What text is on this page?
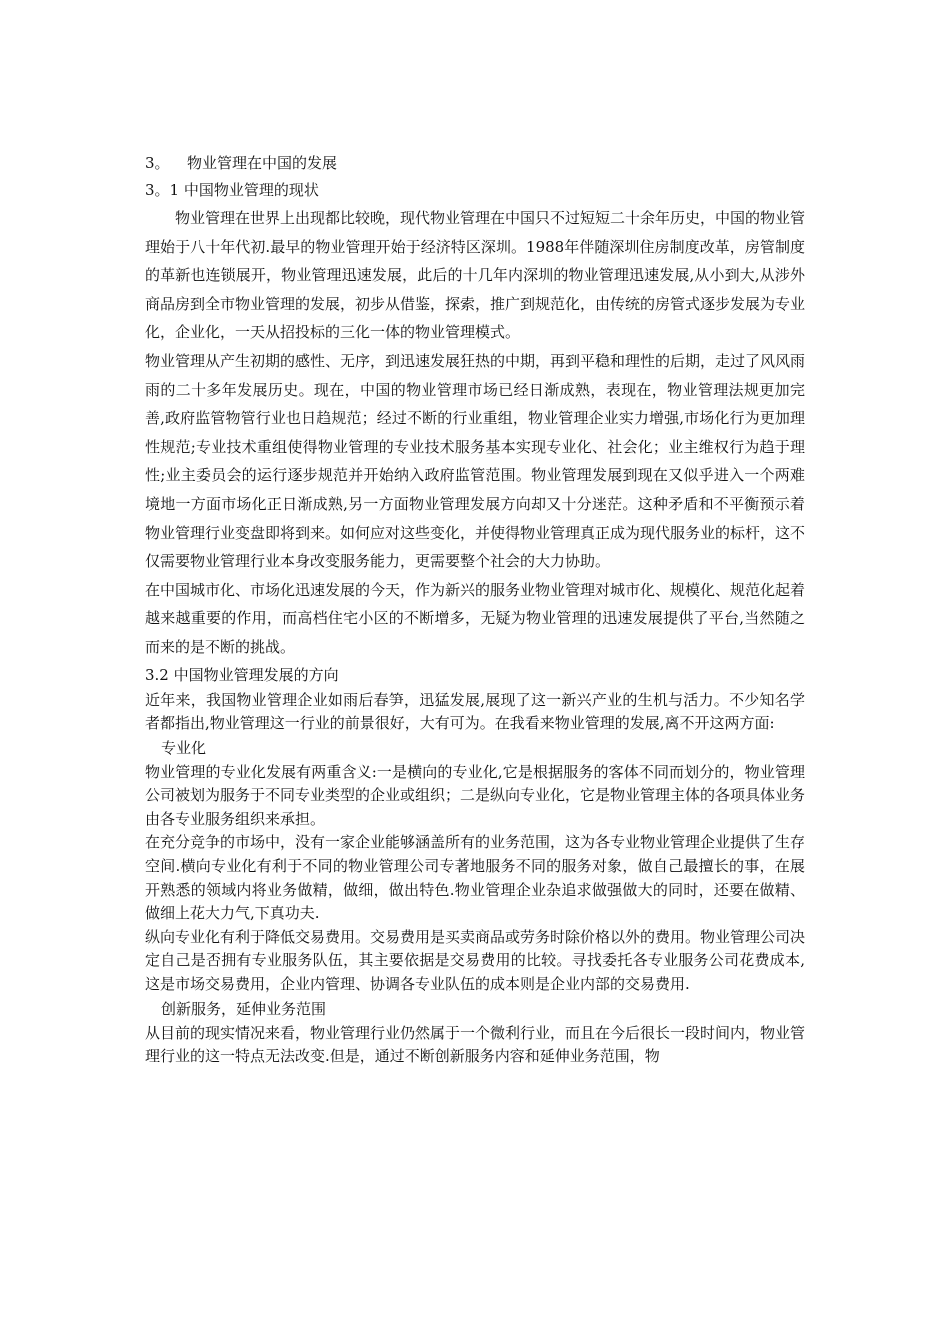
3。 物业管理在中国的发展
3。1 中国物业管理的现状

物业管理在世界上出现都比较晚，现代物业管理在中国只不过短短二十余年历史，中国的物业管理始于八十年代初.最早的物业管理开始于经济特区深圳。1988年伴随深圳住房制度改革，房管制度的革新也连锁展开，物业管理迅速发展，此后的十几年内深圳的物业管理迅速发展,从小到大,从涉外商品房到全市物业管理的发展，初步从借鉴，探索，推广到规范化，由传统的房管式逐步发展为专业化，企业化，一天从招投标的三化一体的物业管理模式。

物业管理从产生初期的感性、无序，到迅速发展狂热的中期，再到平稳和理性的后期，走过了风风雨雨的二十多年发展历史。现在，中国的物业管理市场已经日渐成熟，表现在，物业管理法规更加完善,政府监管物管行业也日趋规范；经过不断的行业重组，物业管理企业实力增强,市场化行为更加理性规范;专业技术重组使得物业管理的专业技术服务基本实现专业化、社会化；业主维权行为趋于理性;业主委员会的运行逐步规范并开始纳入政府监管范围。物业管理发展到现在又似乎进入一个两难境地一方面市场化正日渐成熟,另一方面物业管理发展方向却又十分迷茫。这种矛盾和不平衡预示着物业管理行业变盘即将到来。如何应对这些变化，并使得物业管理真正成为现代服务业的标杆，这不仅需要物业管理行业本身改变服务能力，更需要整个社会的大力协助。

在中国城市化、市场化迅速发展的今天，作为新兴的服务业物业管理对城市化、规模化、规范化起着越来越重要的作用，而高档住宅小区的不断增多，无疑为物业管理的迅速发展提供了平台,当然随之而来的是不断的挑战。

3.2 中国物业管理发展的方向

近年来，我国物业管理企业如雨后春笋，迅猛发展,展现了这一新兴产业的生机与活力。不少知名学者都指出,物业管理这一行业的前景很好，大有可为。在我看来物业管理的发展,离不开这两方面:

专业化

物业管理的专业化发展有两重含义:一是横向的专业化,它是根据服务的客体不同而划分的，物业管理公司被划为服务于不同专业类型的企业或组织；二是纵向专业化，它是物业管理主体的各项具体业务由各专业服务组织来承担。

在充分竞争的市场中，没有一家企业能够涵盖所有的业务范围，这为各专业物业管理企业提供了生存空间.横向专业化有利于不同的物业管理公司专著地服务不同的服务对象，做自己最擅长的事，在展开熟悉的领域内将业务做精，做细，做出特色.物业管理企业杂追求做强做大的同时，还要在做精、做细上花大力气,下真功夫.

纵向专业化有利于降低交易费用。交易费用是买卖商品或劳务时除价格以外的费用。物业管理公司决定自己是否拥有专业服务队伍，其主要依据是交易费用的比较。寻找委托各专业服务公司花费成本,这是市场交易费用，企业内管理、协调各专业队伍的成本则是企业内部的交易费用.

创新服务，延伸业务范围

从目前的现实情况来看，物业管理行业仍然属于一个微利行业，而且在今后很长一段时间内，物业管理行业的这一特点无法改变.但是，通过不断创新服务内容和延伸业务范围，物
